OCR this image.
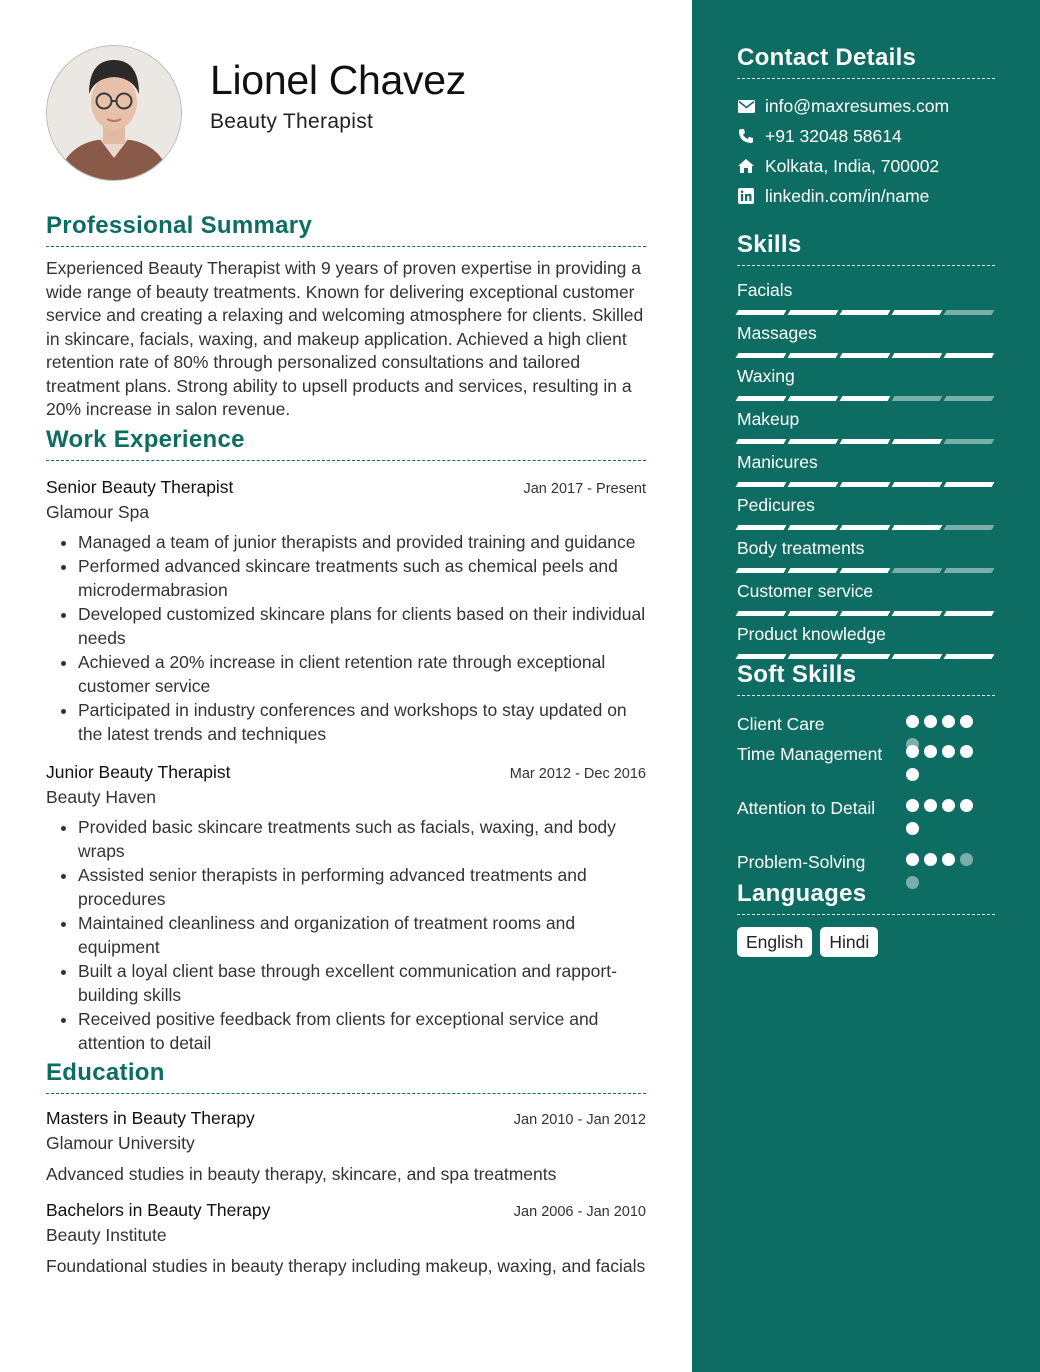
Lionel Chavez
Beauty Therapist
Professional Summary

Experienced Beauty Therapist with 9 years of proven expertise in providing a wide range of beauty treatments. Known for delivering exceptional customer service and creating a relaxing and welcoming atmosphere for clients. Skilled in skincare, facials, waxing, and makeup application. Achieved a high client retention rate of 80% through personalized consultations and tailored treatment plans. Strong ability to upsell products and services, resulting in a 20% increase in salon revenue.

Work Experience
Senior Beauty Therapist	Jan 2017 - Present
Glamour Spa
• Managed a team of junior therapists and provided training and guidance
• Performed advanced skincare treatments such as chemical peels and microdermabrasion
• Developed customized skincare plans for clients based on their individual needs
• Achieved a 20% increase in client retention rate through exceptional customer service
• Participated in industry conferences and workshops to stay updated on the latest trends and techniques
Junior Beauty Therapist	Mar 2012 - Dec 2016
Beauty Haven
• Provided basic skincare treatments such as facials, waxing, and body wraps
• Assisted senior therapists in performing advanced treatments and procedures
• Maintained cleanliness and organization of treatment rooms and equipment
• Built a loyal client base through excellent communication and rapport-building skills
• Received positive feedback from clients for exceptional service and attention to detail
Education
Masters in Beauty Therapy	Jan 2010 - Jan 2012
Glamour University
Advanced studies in beauty therapy, skincare, and spa treatments
Bachelors in Beauty Therapy	Jan 2006 - Jan 2010
Beauty Institute
Foundational studies in beauty therapy including makeup, waxing, and facials
Contact Details
info@maxresumes.com
+91 32048 58614
Kolkata, India, 700002
linkedin.com/in/name
Skills
Facials
Massages
Waxing
Makeup
Manicures
Pedicures
Body treatments
Customer service
Product knowledge
Soft Skills
Client Care
Time Management
Attention to Detail
Problem-Solving
Languages
English	Hindi
